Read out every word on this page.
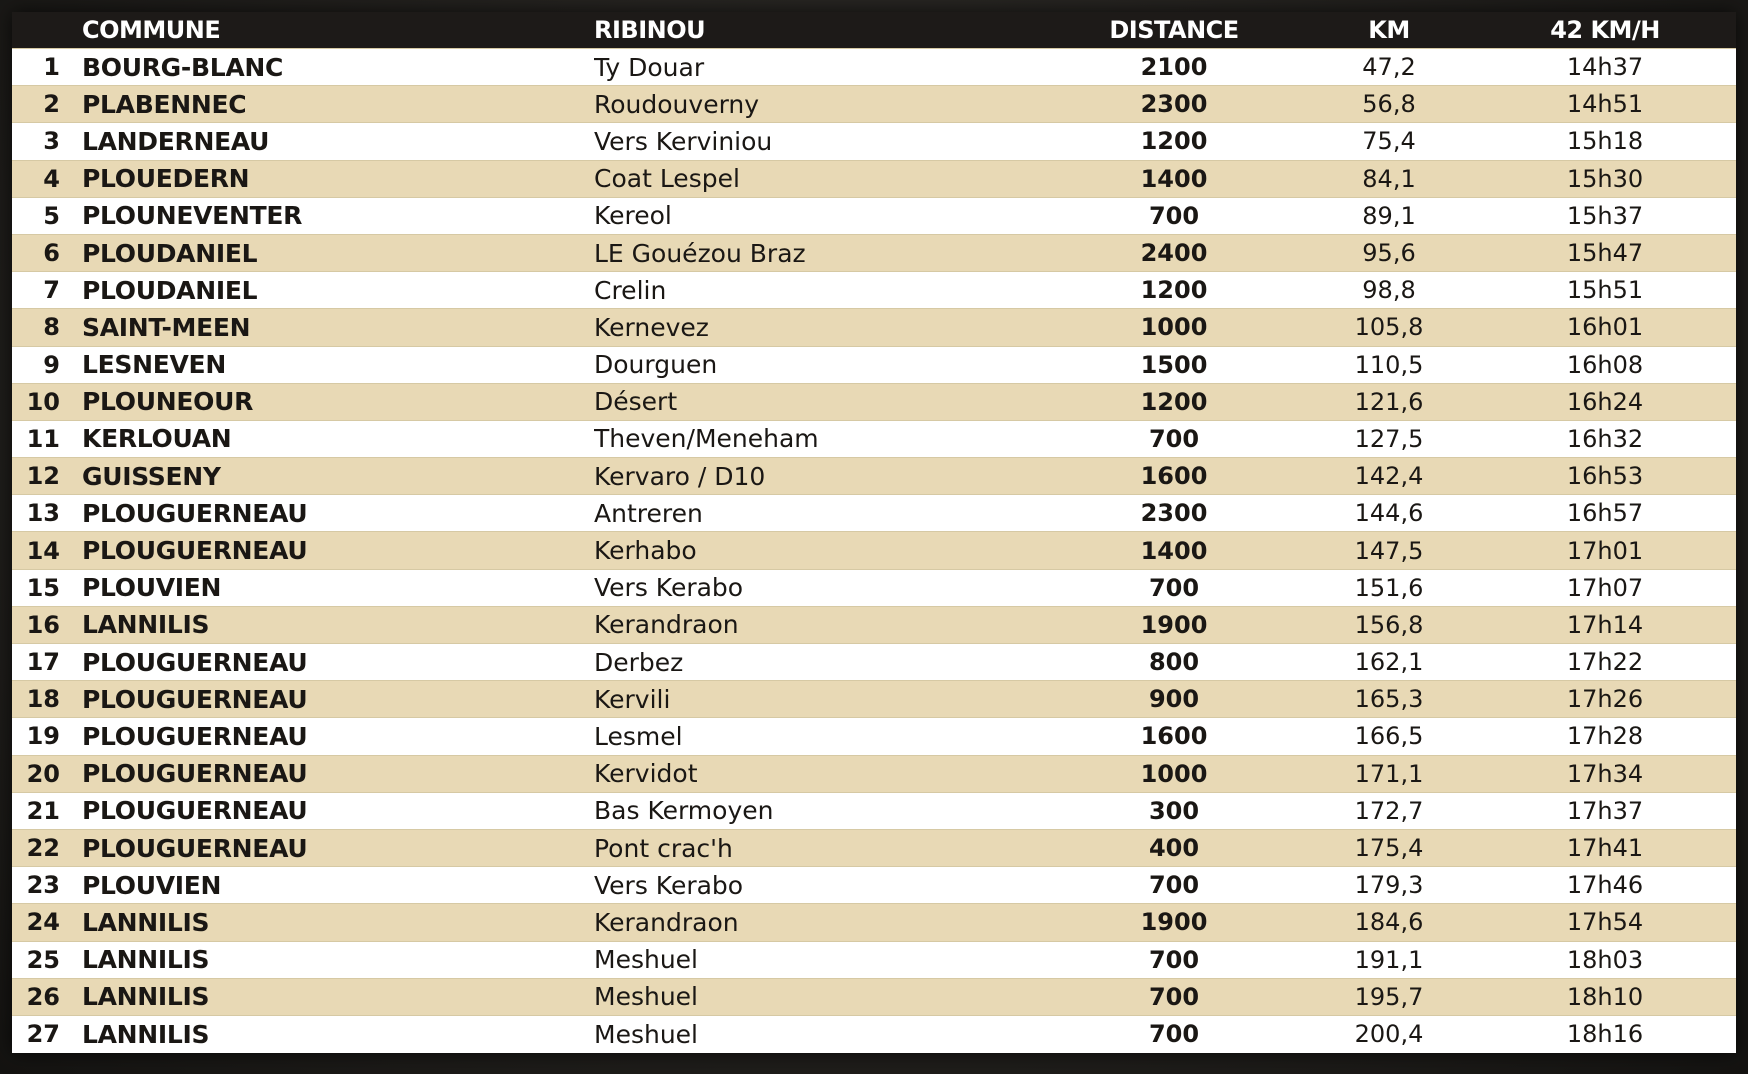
	COMMUNE	RIBINOU	DISTANCE	KM	42 KM/H
1	BOURG-BLANC	Ty Douar	2100	47,2	14h37
2	PLABENNEC	Roudouverny	2300	56,8	14h51
3	LANDERNEAU	Vers Kerviniou	1200	75,4	15h18
4	PLOUEDERN	Coat Lespel	1400	84,1	15h30
5	PLOUNEVENTER	Kereol	700	89,1	15h37
6	PLOUDANIEL	LE Gouézou Braz	2400	95,6	15h47
7	PLOUDANIEL	Crelin	1200	98,8	15h51
8	SAINT-MEEN	Kernevez	1000	105,8	16h01
9	LESNEVEN	Dourguen	1500	110,5	16h08
10	PLOUNEOUR	Désert	1200	121,6	16h24
11	KERLOUAN	Theven/Meneham	700	127,5	16h32
12	GUISSENY	Kervaro / D10	1600	142,4	16h53
13	PLOUGUERNEAU	Antreren	2300	144,6	16h57
14	PLOUGUERNEAU	Kerhabo	1400	147,5	17h01
15	PLOUVIEN	Vers Kerabo	700	151,6	17h07
16	LANNILIS	Kerandraon	1900	156,8	17h14
17	PLOUGUERNEAU	Derbez	800	162,1	17h22
18	PLOUGUERNEAU	Kervili	900	165,3	17h26
19	PLOUGUERNEAU	Lesmel	1600	166,5	17h28
20	PLOUGUERNEAU	Kervidot	1000	171,1	17h34
21	PLOUGUERNEAU	Bas Kermoyen	300	172,7	17h37
22	PLOUGUERNEAU	Pont crac'h	400	175,4	17h41
23	PLOUVIEN	Vers Kerabo	700	179,3	17h46
24	LANNILIS	Kerandraon	1900	184,6	17h54
25	LANNILIS	Meshuel	700	191,1	18h03
26	LANNILIS	Meshuel	700	195,7	18h10
27	LANNILIS	Meshuel	700	200,4	18h16
